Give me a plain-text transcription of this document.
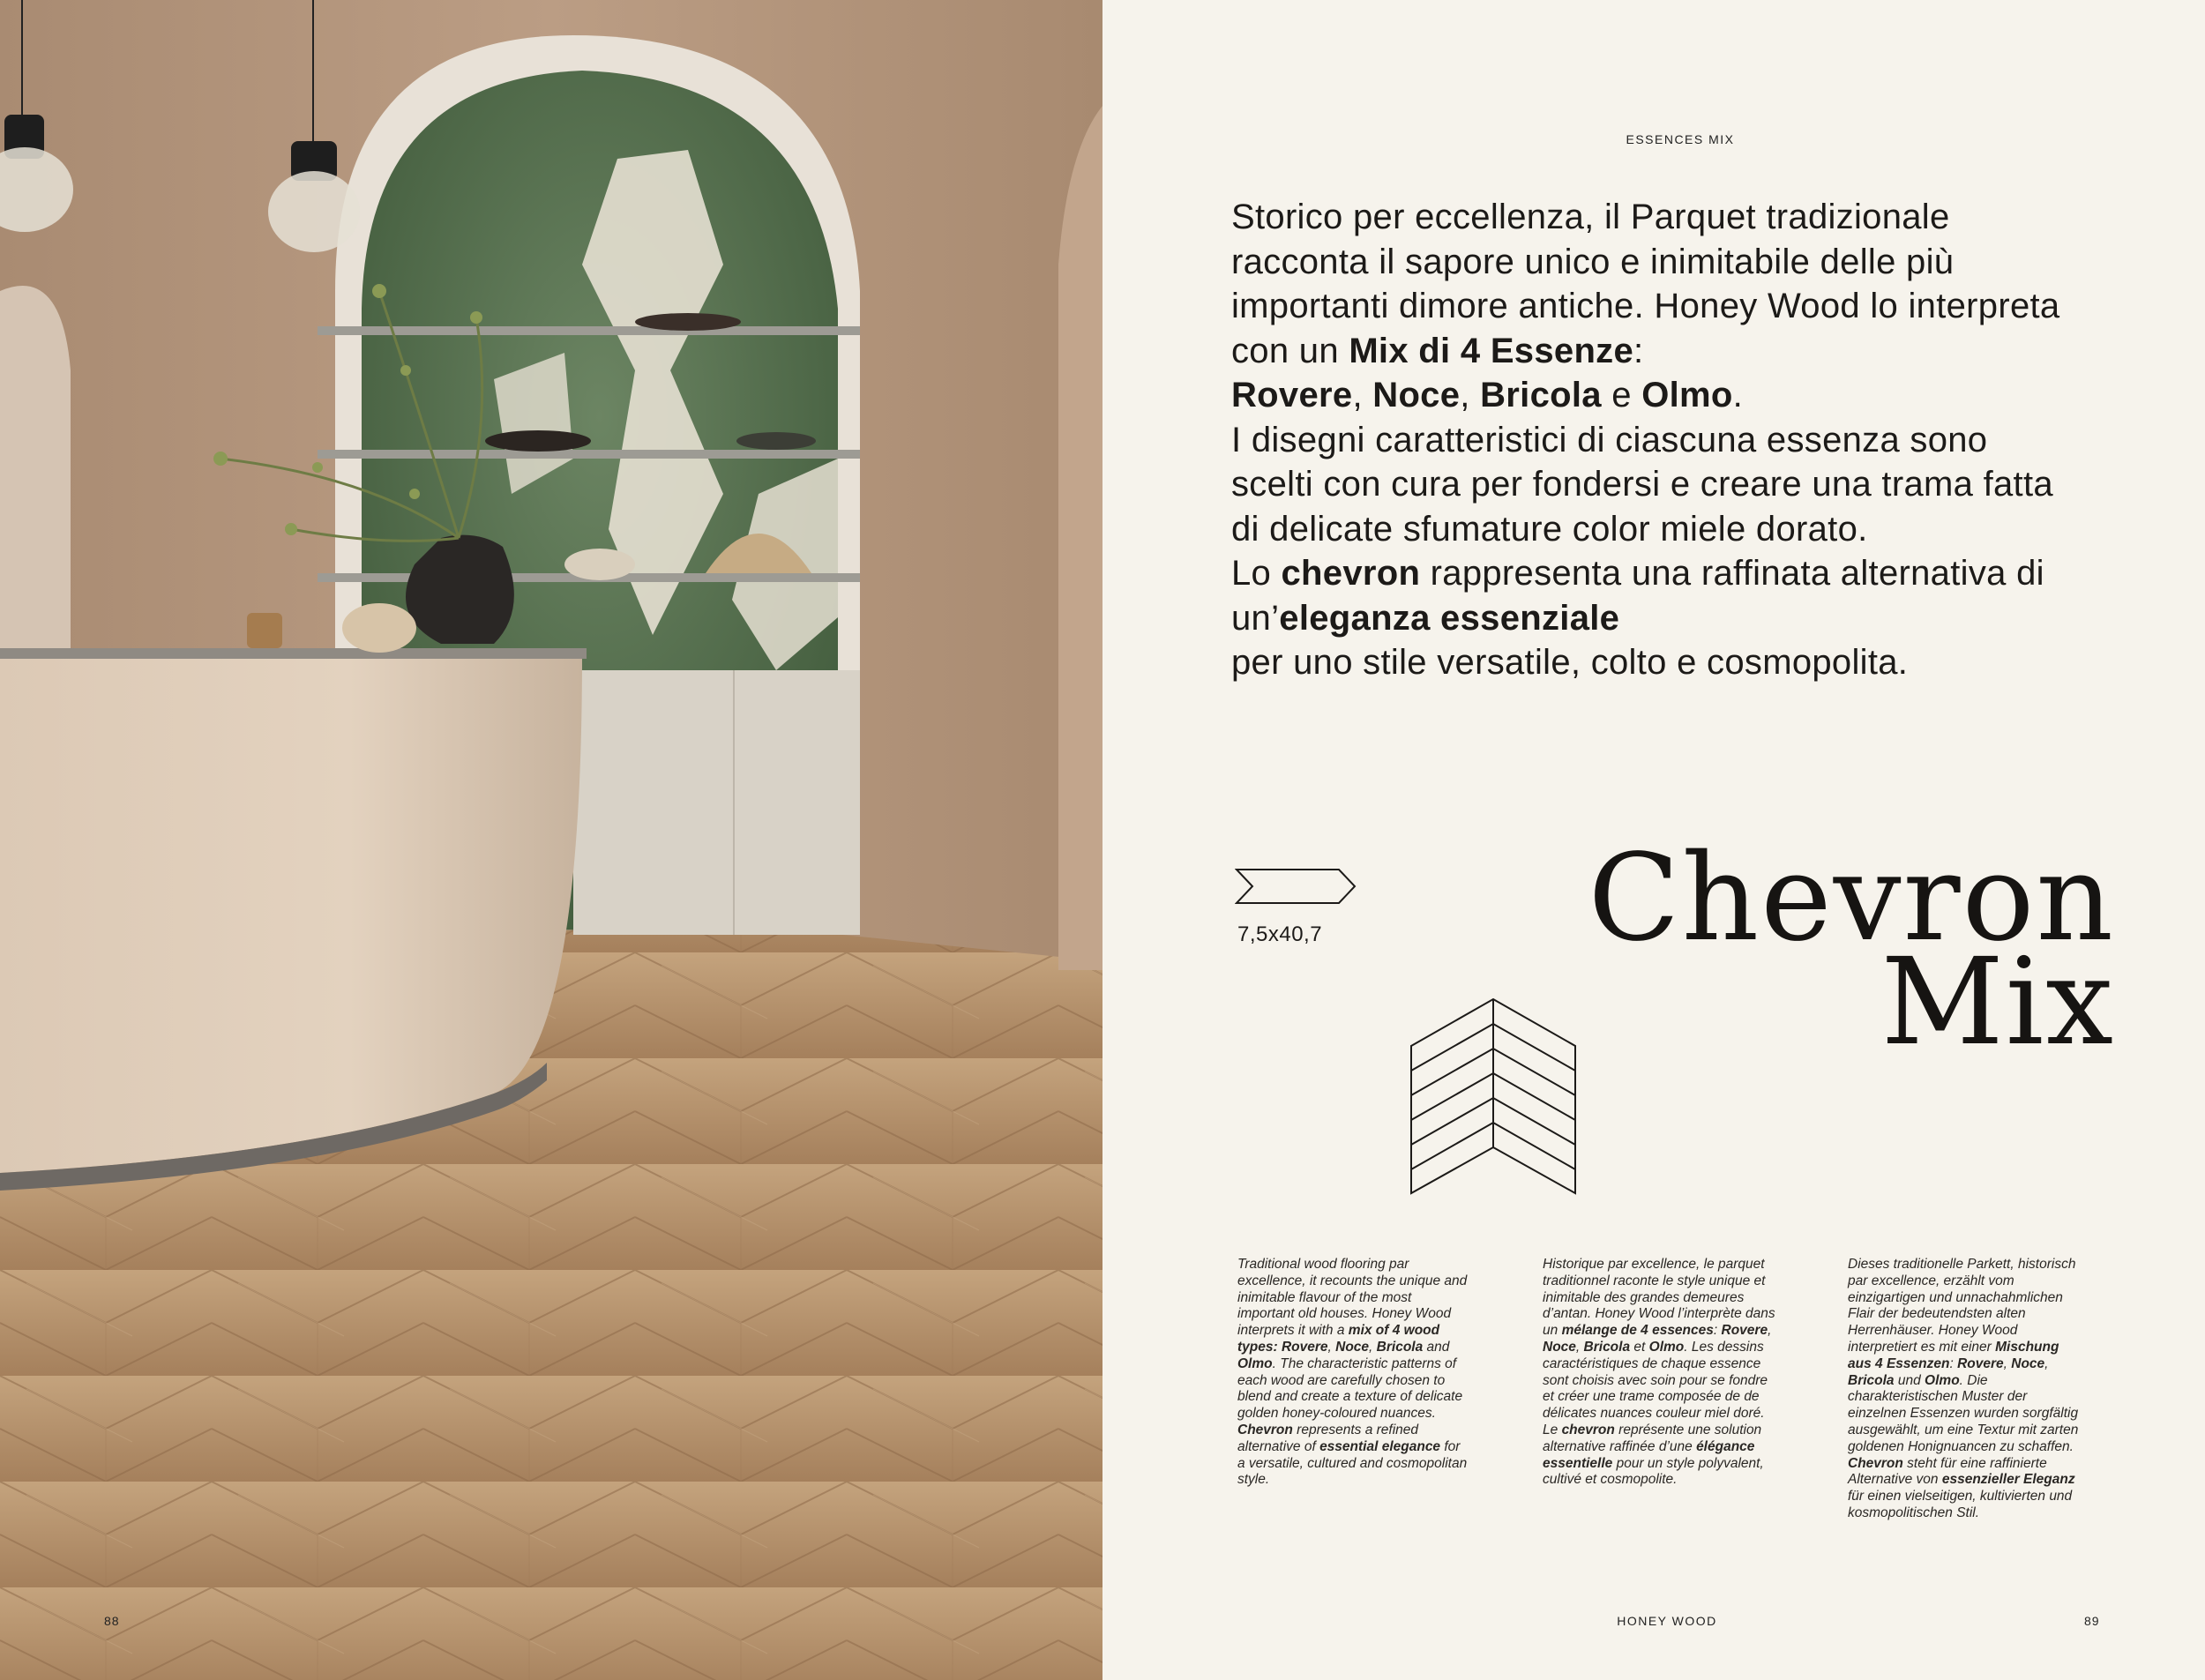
88
ESSENCES MIX
Storico per eccellenza, il Parquet tradizionale racconta il sapore unico e inimitabile delle più importanti dimore antiche. Honey Wood lo interpreta con un Mix di 4 Essenze:
Rovere, Noce, Bricola e Olmo.
I disegni caratteristici di ciascuna essenza sono scelti con cura per fondersi e creare una trama fatta di delicate sfumature color miele dorato.
Lo chevron rappresenta una raffinata alternativa di un’eleganza essenziale
per uno stile versatile, colto e cosmopolita.
7,5x40,7 Chevron
Mix
Traditional wood flooring par excellence, it recounts the unique and inimitable flavour of the most important old houses. Honey Wood interprets it with a mix of 4 wood types: Rovere, Noce, Bricola and Olmo. The characteristic patterns of each wood are carefully chosen to blend and create a texture of delicate golden honey-coloured nuances. Chevron represents a refined alternative of essential elegance for a versatile, cultured and cosmopolitan style.
Historique par excellence, le parquet traditionnel raconte le style unique et inimitable des grandes demeures d’antan. Honey Wood l’interprète dans un mélange de 4 essences: Rovere, Noce, Bricola et Olmo. Les dessins caractéristiques de chaque essence sont choisis avec soin pour se fondre et créer une trame composée de de délicates nuances couleur miel doré. Le chevron représente une solution alternative raffinée d’une élégance essentielle pour un style polyvalent, cultivé et cosmopolite.
Dieses traditionelle Parkett, historisch par excellence, erzählt vom einzigartigen und unnachahmlichen Flair der bedeutendsten alten Herrenhäuser. Honey Wood interpretiert es mit einer Mischung aus 4 Essenzen: Rovere, Noce, Bricola und Olmo. Die charakteristischen Muster der einzelnen Essenzen wurden sorgfältig ausgewählt, um eine Textur mit zarten goldenen Honignuancen zu schaffen. Chevron steht für eine raffinierte Alternative von essenzieller Eleganz für einen vielseitigen, kultivierten und kosmopolitischen Stil.
HONEY WOOD	89
